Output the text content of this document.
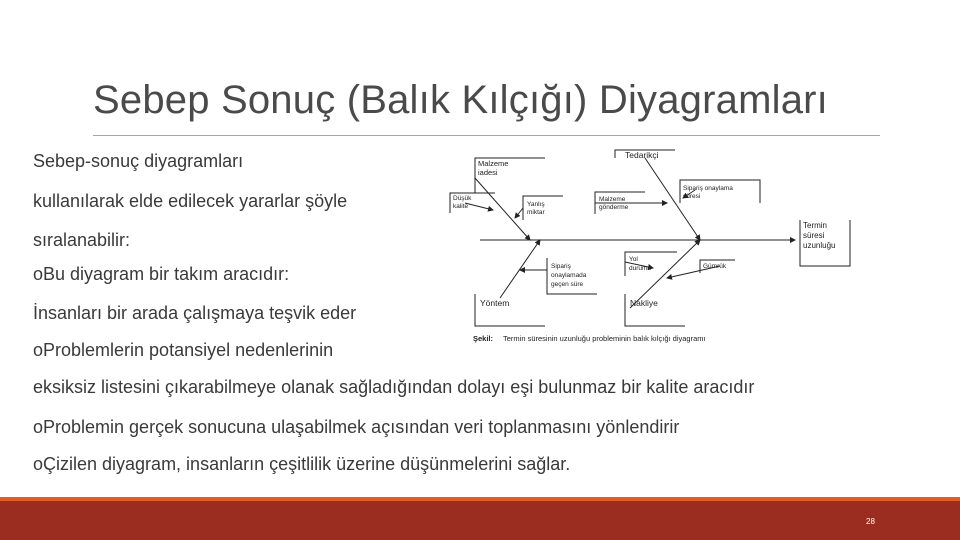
Sebep Sonuç (Balık Kılçığı) Diyagramları
Sebep-sonuç diyagramları
kullanılarak elde edilecek yararlar şöyle
sıralanabilir:
oBu diyagram bir takım aracıdır:
İnsanları bir arada çalışmaya teşvik eder
oProblemlerin potansiyel nedenlerinin
eksiksiz listesini çıkarabilmeye olanak sağladığından dolayı eşi bulunmaz bir kalite aracıdır
oProblemin gerçek sonucuna ulaşabilmek açısından veri toplanmasını yönlendirir
oÇizilen diyagram, insanların çeşitlilik üzerine düşünmelerini sağlar.
Malzeme
iadesi
Tedarikçi
Sipariş onaylama
süresi
Düşük
kalite	Yanlış
miktar
Malzeme
gönderme
Termin
süresi
uzunluğu
Sipariş
onaylamada
geçen süre
Yol
durumu	Gümrük
Yöntem	Nakliye
Şekil: Termin süresinin uzunluğu probleminin balık kılçığı diyagramı
28
